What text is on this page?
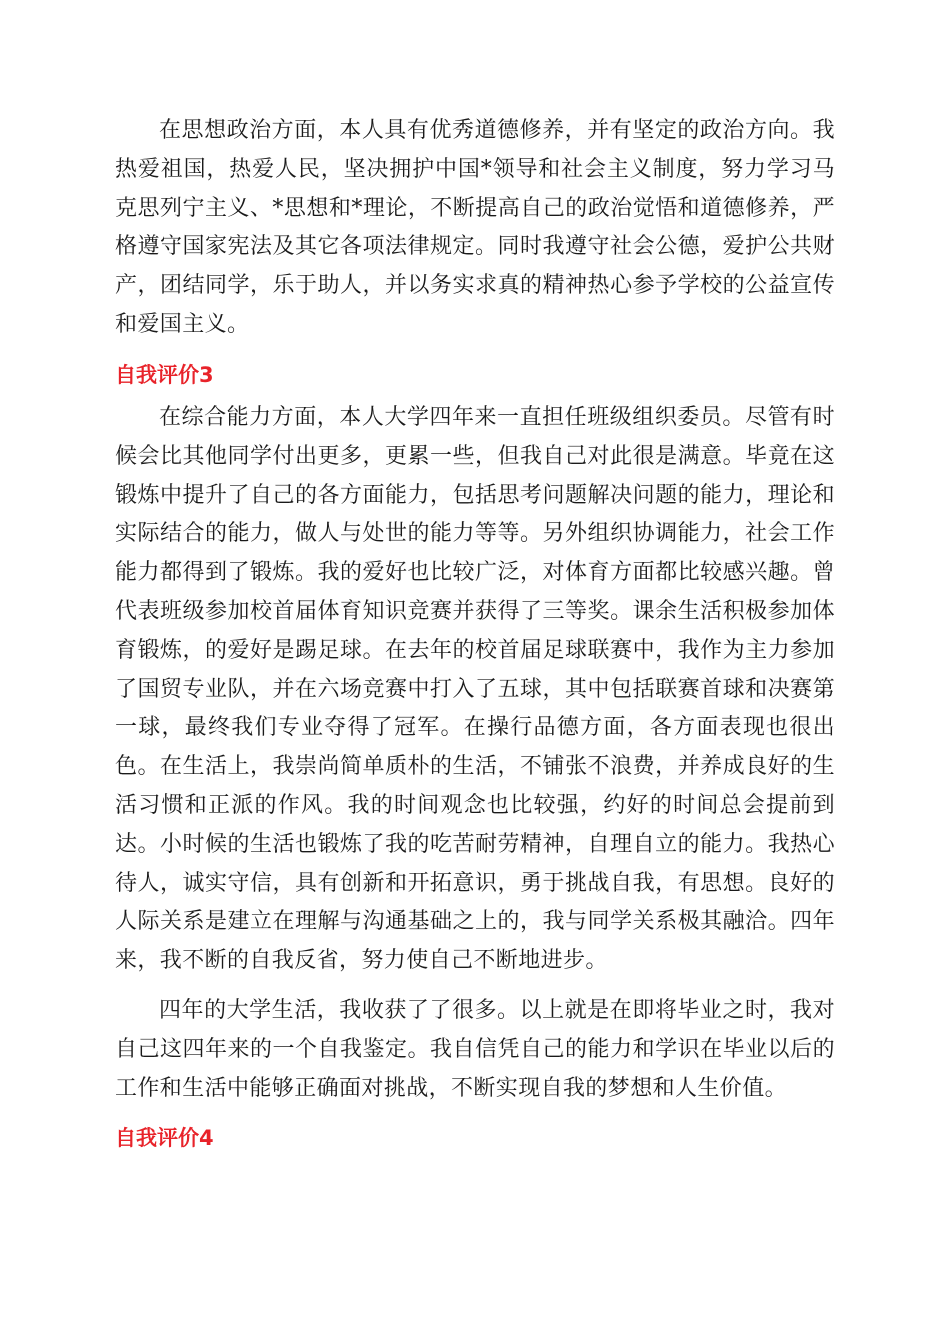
在思想政治方面，本人具有优秀道德修养，并有坚定的政治方向。我热爱祖国，热爱人民，坚决拥护中国*领导和社会主义制度，努力学习马克思列宁主义、*思想和*理论，不断提高自己的政治觉悟和道德修养，严格遵守国家宪法及其它各项法律规定。同时我遵守社会公德，爱护公共财产，团结同学，乐于助人，并以务实求真的精神热心参予学校的公益宣传和爱国主义。

自我评价3

在综合能力方面，本人大学四年来一直担任班级组织委员。尽管有时候会比其他同学付出更多，更累一些，但我自己对此很是满意。毕竟在这锻炼中提升了自己的各方面能力，包括思考问题解决问题的能力，理论和实际结合的能力，做人与处世的能力等等。另外组织协调能力，社会工作能力都得到了锻炼。我的爱好也比较广泛，对体育方面都比较感兴趣。曾代表班级参加校首届体育知识竞赛并获得了三等奖。课余生活积极参加体育锻炼，的爱好是踢足球。在去年的校首届足球联赛中，我作为主力参加了国贸专业队，并在六场竞赛中打入了五球，其中包括联赛首球和决赛第一球，最终我们专业夺得了冠军。在操行品德方面，各方面表现也很出色。在生活上，我崇尚简单质朴的生活，不铺张不浪费，并养成良好的生活习惯和正派的作风。我的时间观念也比较强，约好的时间总会提前到达。小时候的生活也锻炼了我的吃苦耐劳精神，自理自立的能力。我热心待人，诚实守信，具有创新和开拓意识，勇于挑战自我，有思想。良好的人际关系是建立在理解与沟通基础之上的，我与同学关系极其融洽。四年来，我不断的自我反省，努力使自己不断地进步。

四年的大学生活，我收获了了很多。以上就是在即将毕业之时，我对自己这四年来的一个自我鉴定。我自信凭自己的能力和学识在毕业以后的工作和生活中能够正确面对挑战，不断实现自我的梦想和人生价值。

自我评价4
